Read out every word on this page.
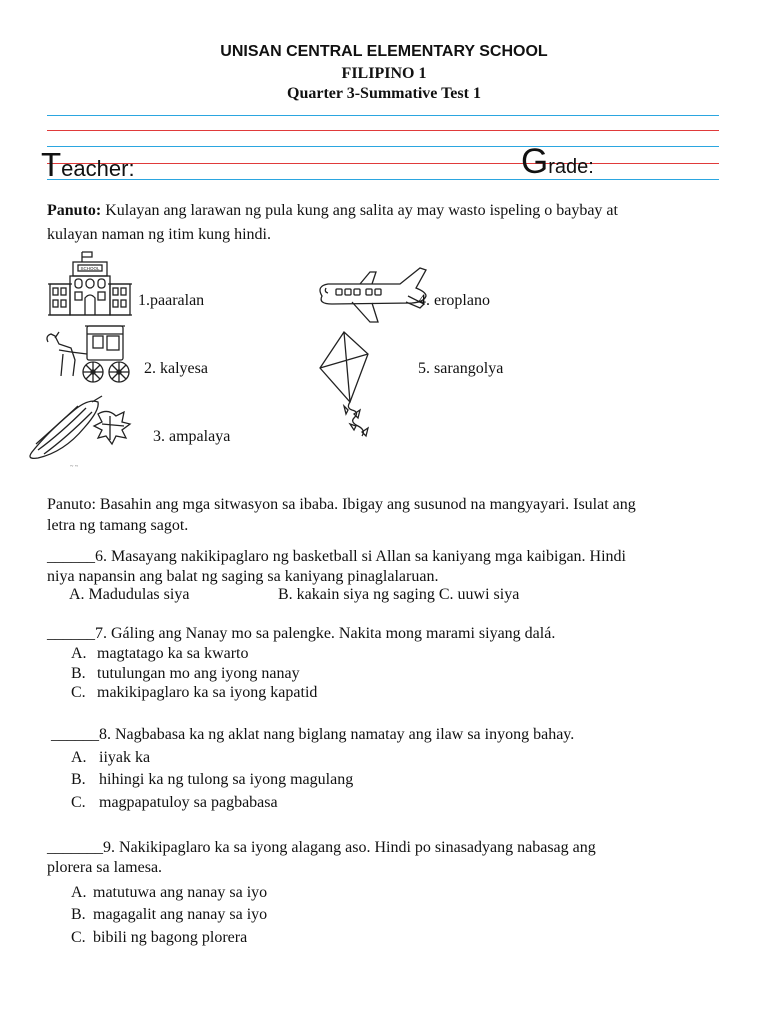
UNISAN CENTRAL ELEMENTARY SCHOOL
FILIPINO 1
Quarter 3-Summative Test 1
Teacher:	Grade:
Panuto: Kulayan ang larawan ng pula kung ang salita ay may wasto ispeling o baybay at
kulayan naman ng itim kung hindi.
SCHOOL
1.paaralan	4. eroplano
2. kalyesa	5. sarangolya
~ ~
3. ampalaya
Panuto: Basahin ang mga sitwasyon sa ibaba. Ibigay ang susunod na mangyayari. Isulat ang
letra ng tamang sagot.
______6. Masayang nakikipaglaro ng basketball si Allan sa kaniyang mga kaibigan. Hindi
niya napansin ang balat ng saging sa kaniyang pinaglalaruan.
A. Madudulas siya	B. kakain siya ng saging C. uuwi siya
______7. Gáling ang Nanay mo sa palengke. Nakita mong marami siyang dalá.
A. magtatago ka sa kwarto
B. tutulungan mo ang iyong nanay
C. makikipaglaro ka sa iyong kapatid
______8. Nagbabasa ka ng aklat nang biglang namatay ang ilaw sa inyong bahay.
A. iiyak ka
B. hihingi ka ng tulong sa iyong magulang
C. magpapatuloy sa pagbabasa
_______9. Nakikipaglaro ka sa iyong alagang aso. Hindi po sinasadyang nabasag ang
plorera sa lamesa.
A. matutuwa ang nanay sa iyo
B. magagalit ang nanay sa iyo
C. bibili ng bagong plorera
